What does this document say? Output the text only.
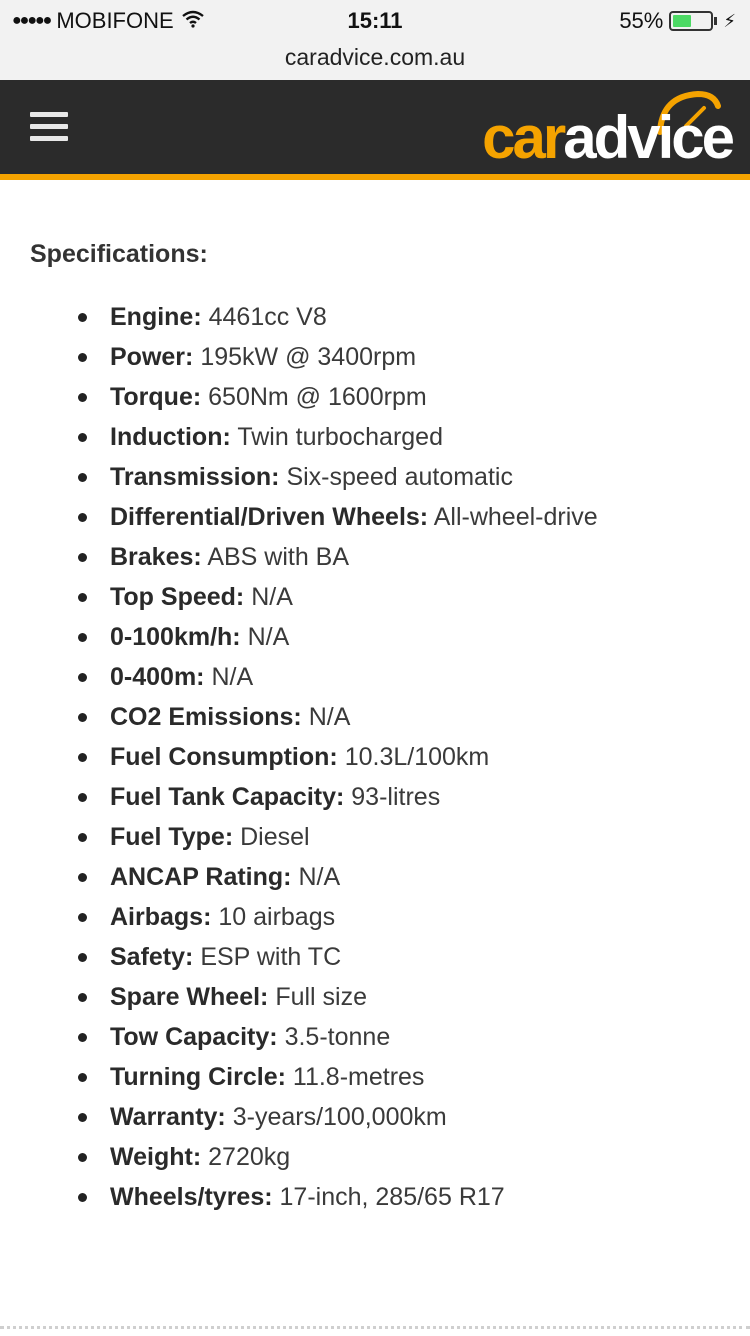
●●●●● MOBIFONE	15:11	55%	⚡
caradvice.com.au
caradvice
Specifications:
Engine: 4461cc V8
Power: 195kW @ 3400rpm
Torque: 650Nm @ 1600rpm
Induction: Twin turbocharged
Transmission: Six-speed automatic
Differential/Driven Wheels: All-wheel-drive
Brakes: ABS with BA
Top Speed: N/A
0-100km/h: N/A
0-400m: N/A
CO2 Emissions: N/A
Fuel Consumption: 10.3L/100km
Fuel Tank Capacity: 93-litres
Fuel Type: Diesel
ANCAP Rating: N/A
Airbags: 10 airbags
Safety: ESP with TC
Spare Wheel: Full size
Tow Capacity: 3.5-tonne
Turning Circle: 11.8-metres
Warranty: 3-years/100,000km
Weight: 2720kg
Wheels/tyres: 17-inch, 285/65 R17
